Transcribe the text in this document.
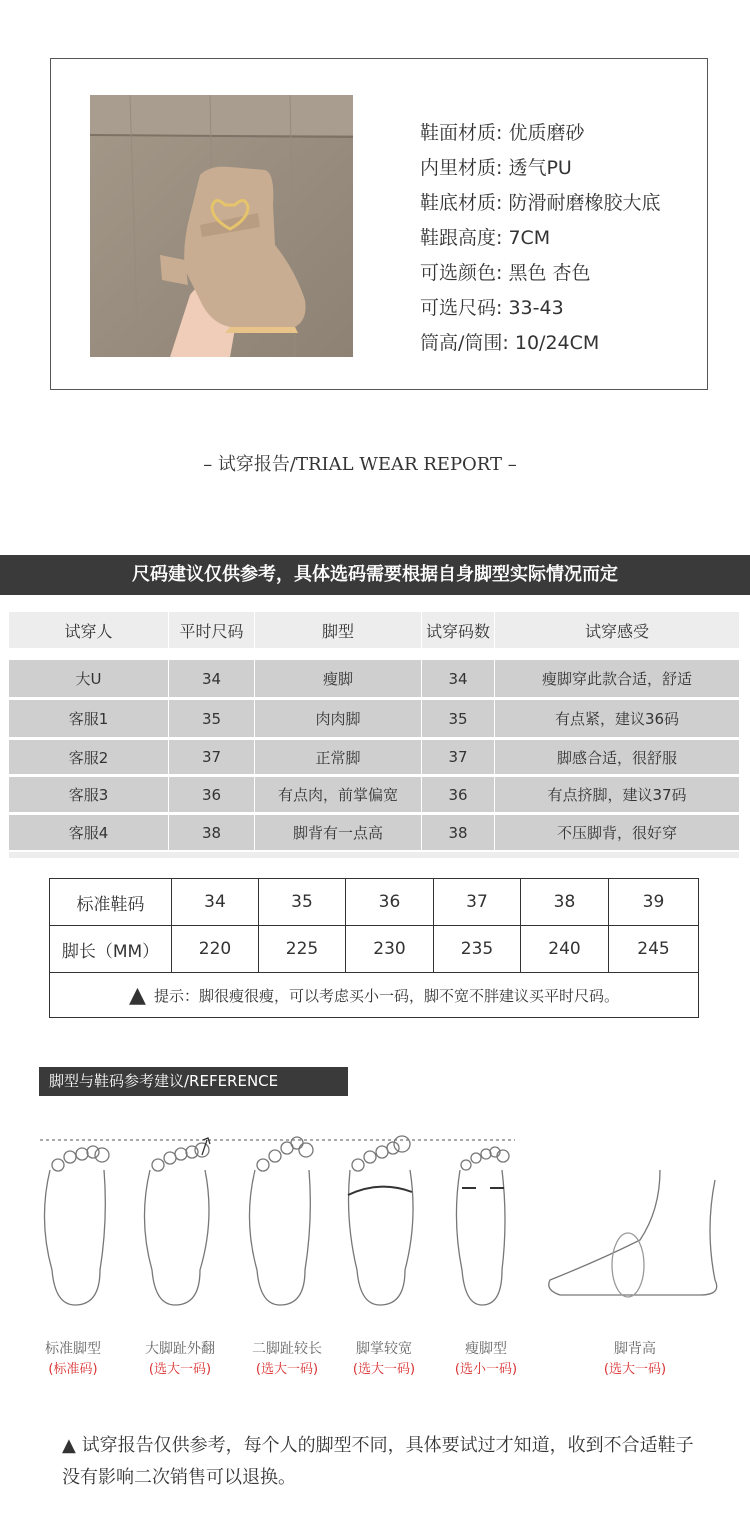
鞋面材质: 优质磨砂
内里材质: 透气PU
鞋底材质: 防滑耐磨橡胶大底
鞋跟高度: 7CM
可选颜色: 黑色 杏色
可选尺码: 33-43
筒高/筒围: 10/24CM
– 试穿报告/TRIAL WEAR REPORT –
尺码建议仅供参考，具体选码需要根据自身脚型实际情况而定
试穿人	平时尺码	脚型	试穿码数	试穿感受
大U	34	瘦脚	34	瘦脚穿此款合适，舒适
客服1	35	肉肉脚	35	有点紧，建议36码
客服2	37	正常脚	37	脚感合适，很舒服
客服3	36	有点肉，前掌偏宽	36	有点挤脚，建议37码
客服4	38	脚背有一点高	38	不压脚背，很好穿
标准鞋码	34	35	36	37	38	39
脚长（MM）	220	225	230	235	240	245
▲ 提示：脚很瘦很瘦，可以考虑买小一码，脚不宽不胖建议买平时尺码。
脚型与鞋码参考建议/REFERENCE
标准脚型
(标准码)
大脚趾外翻
(选大一码)
二脚趾较长
(选大一码)
脚掌较宽
(选大一码)
瘦脚型
(选小一码)
脚背高
(选大一码)
▲ 试穿报告仅供参考，每个人的脚型不同，具体要试过才知道，收到不合适鞋子没有影响二次销售可以退换。
